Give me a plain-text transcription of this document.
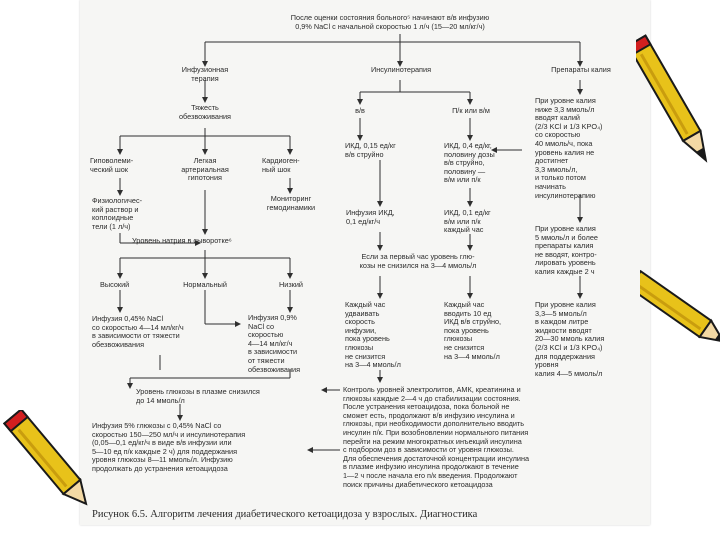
После оценки состояния больного⁵ начинают в/в инфузию
0,9% NaCl с начальной скоростью 1 л/ч (15—20 мл/кг/ч)
Инфузионная
терапия
Тяжесть
обезвоживания
Гиповолеми-
ческий шок
Легкая
артериальная
гипотония
Кардиоген-
ный шок
Физиологичес-
кий раствор и
коплоидные
тели (1 л/ч)
Мониторинг
гемодинамики
Уровень натрия в сыворотке⁶
Высокий	Нормальный	Низкий
Инфузия 0,45% NaCl
со скоростью 4—14 мл/кг/ч
в зависимости от тяжести
обезвоживания
Инфузия 0,9%
NaCl со
скоростью
4—14 мл/кг/ч
в зависимости
от тяжести
обезвоживания
Уровень глюкозы в плазме снизился
до 14 ммоль/л
Инфузия 5% глюкозы с 0,45% NaCl со
скоростью 150—250 мл/ч и инсулинотерапия
(0,05—0,1 ед/кг/ч в виде в/в инфузии или
5—10 ед п/к каждые 2 ч) для поддержания
уровня глюкозы 8—11 ммоль/л. Инфузию
продолжать до устранения кетоацидоза
Инсулинотерапия
в/в	П/к или в/м
ИКД, 0,15 ед/кг
в/в струйно
ИКД, 0,4 ед/кг,
половину дозы
в/в струйно,
половину —
в/м или п/к
Инфузия ИКД,
0,1 ед/кг/ч
ИКД, 0,1 ед/кг
в/м или п/к
каждый час
Если за первый час уровень глю-
козы не снизился на 3—4 ммоль/л
Каждый час
удваивать
скорость
инфузии,
пока уровень
глюкозы
не снизится
на 3—4 ммоль/л
Каждый час
вводить 10 ед
ИКД в/в струйно,
пока уровень
глюкозы
не снизится
на 3—4 ммоль/л
Контроль уровней электролитов, АМК, креатинина и
глюкозы каждые 2—4 ч до стабилизации состояния.
После устранения кетоацидоза, пока больной не
сможет есть, продолжают в/в инфузию инсулина и
глюкозы, при необходимости дополнительно вводить
инсулин п/к. При возобновлении нормального питания
перейти на режим многократных инъекций инсулина
с подбором доз в зависимости от уровня глюкозы.
Для обеспечения достаточной концентрации инсулина
в плазме инфузию инсулина продолжают в течение
1—2 ч после начала его п/к введения. Продолжают
поиск причины диабетического кетоацидоза
Препараты калия
При уровне калия
ниже 3,3 ммоль/л
вводят калий
(2/3 KCl и 1/3 KPO₄)
со скоростью
40 ммоль/ч, пока
уровень калия не
достигнет
3,3 ммоль/л,
и только потом
начинать
инсулинотерапию
При уровне калия
5 ммоль/л и более
препараты калия
не вводят, контро-
лировать уровень
калия каждые 2 ч
При уровне калия
3,3—5 ммоль/л
в каждом литре
жидкости вводят
20—30 ммоль калия
(2/3 KCl и 1/3 KPO₄)
для поддержания уровня
калия 4—5 ммоль/л
Рисунок 6.5. Алгоритм лечения диабетического кетоацидоза у взрослых. Диагностика
